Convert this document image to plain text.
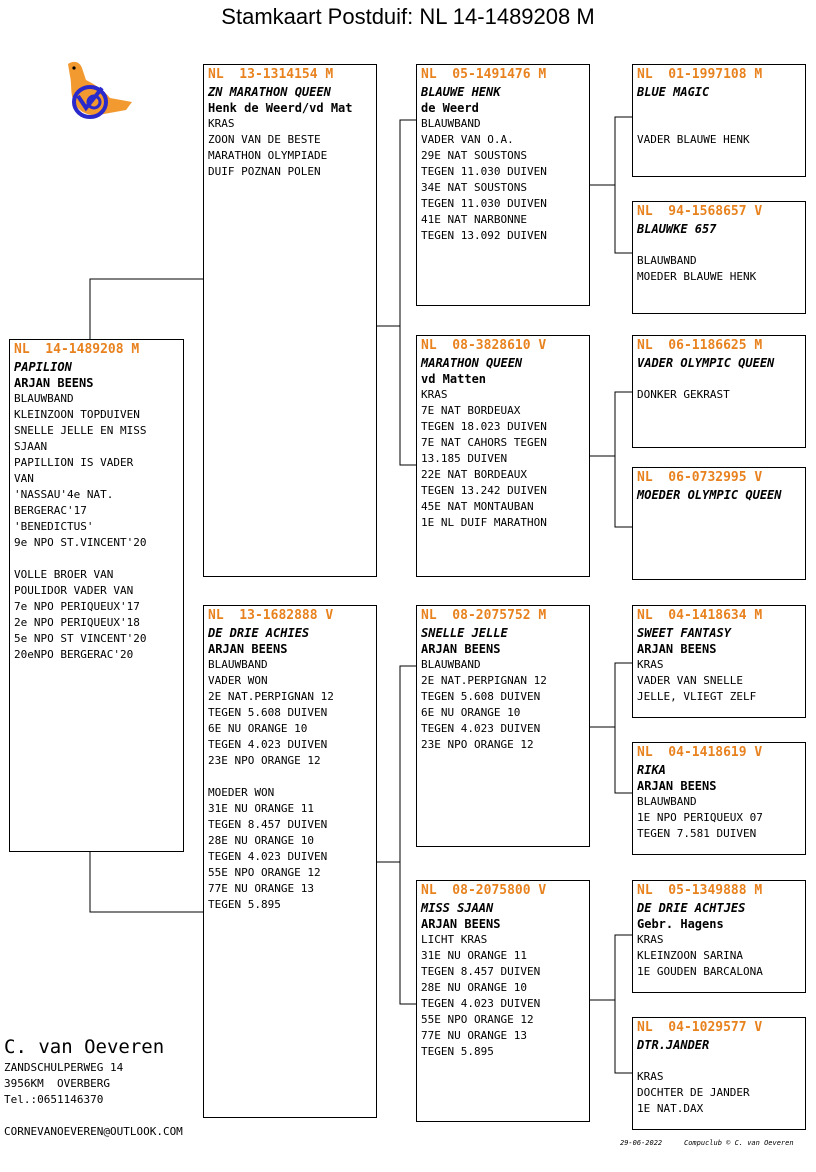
Stamkaart Postduif: NL 14-1489208 M
NL  14-1489208 M
PAPILION
ARJAN BEENS
BLAUWBAND
KLEINZOON TOPDUIVEN
SNELLE JELLE EN MISS
SJAAN
PAPILLION IS VADER
VAN
'NASSAU'4e NAT.
BERGERAC'17
'BENEDICTUS'
9e NPO ST.VINCENT'20
VOLLE BROER VAN
POULIDOR VADER VAN
7e NPO PERIQUEUX'17
2e NPO PERIQUEUX'18
5e NPO ST VINCENT'20
20eNPO BERGERAC'20
NL  13-1314154 M
ZN MARATHON QUEEN
Henk de Weerd/vd Mat
KRAS
ZOON VAN DE BESTE
MARATHON OLYMPIADE
DUIF POZNAN POLEN
NL  13-1682888 V
DE DRIE ACHIES
ARJAN BEENS
BLAUWBAND
VADER WON
2E NAT.PERPIGNAN 12
TEGEN 5.608 DUIVEN
6E NU ORANGE 10
TEGEN 4.023 DUIVEN
23E NPO ORANGE 12
MOEDER WON
31E NU ORANGE 11
TEGEN 8.457 DUIVEN
28E NU ORANGE 10
TEGEN 4.023 DUIVEN
55E NPO ORANGE 12
77E NU ORANGE 13
TEGEN 5.895
NL  05-1491476 M
BLAUWE HENK
de Weerd
BLAUWBAND
VADER VAN O.A.
29E NAT SOUSTONS
TEGEN 11.030 DUIVEN
34E NAT SOUSTONS
TEGEN 11.030 DUIVEN
41E NAT NARBONNE
TEGEN 13.092 DUIVEN
NL  08-3828610 V
MARATHON QUEEN
vd Matten
KRAS
7E NAT BORDEUAX
TEGEN 18.023 DUIVEN
7E NAT CAHORS TEGEN
13.185 DUIVEN
22E NAT BORDEAUX
TEGEN 13.242 DUIVEN
45E NAT MONTAUBAN
1E NL DUIF MARATHON
NL  08-2075752 M
SNELLE JELLE
ARJAN BEENS
BLAUWBAND
2E NAT.PERPIGNAN 12
TEGEN 5.608 DUIVEN
6E NU ORANGE 10
TEGEN 4.023 DUIVEN
23E NPO ORANGE 12
NL  08-2075800 V
MISS SJAAN
ARJAN BEENS
LICHT KRAS
31E NU ORANGE 11
TEGEN 8.457 DUIVEN
28E NU ORANGE 10
TEGEN 4.023 DUIVEN
55E NPO ORANGE 12
77E NU ORANGE 13
TEGEN 5.895
NL  01-1997108 M
BLUE MAGIC
VADER BLAUWE HENK
NL  94-1568657 V
BLAUWKE 657
BLAUWBAND
MOEDER BLAUWE HENK
NL  06-1186625 M
VADER OLYMPIC QUEEN
DONKER GEKRAST
NL  06-0732995 V
MOEDER OLYMPIC QUEEN
NL  04-1418634 M
SWEET FANTASY
ARJAN BEENS
KRAS
VADER VAN SNELLE
JELLE, VLIEGT ZELF
NL  04-1418619 V
RIKA
ARJAN BEENS
BLAUWBAND
1E NPO PERIQUEUX 07
TEGEN 7.581 DUIVEN
NL  05-1349888 M
DE DRIE ACHTJES
Gebr. Hagens
KRAS
KLEINZOON SARINA
1E GOUDEN BARCALONA
NL  04-1029577 V
DTR.JANDER
KRAS
DOCHTER DE JANDER
1E NAT.DAX
C. van Oeveren
ZANDSCHULPERWEG 14
3956KM  OVERBERG
Tel.:0651146370
CORNEVANOEVEREN@OUTLOOK.COM
29-06-2022	Compuclub © C. van Oeveren
